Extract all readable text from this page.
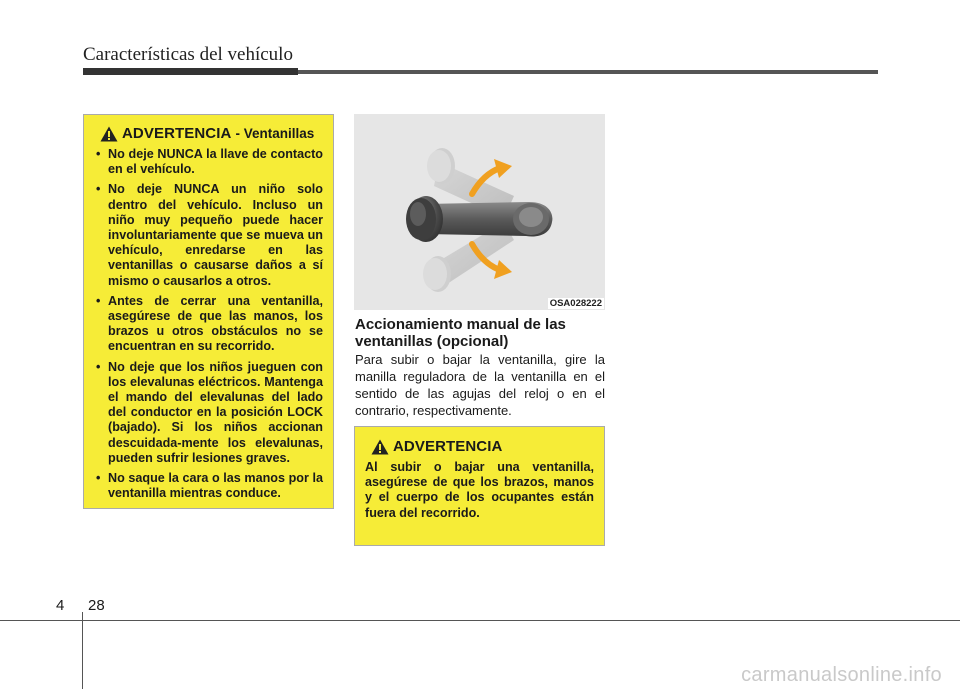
Características del vehículo
ADVERTENCIA - Ventanillas
• No deje NUNCA la llave de contacto en el vehículo.
• No deje NUNCA un niño solo dentro del vehículo. Incluso un niño muy pequeño puede hacer involuntariamente que se mueva un vehículo, enredarse en las ventanillas o causarse daños a sí mismo o causarlos a otros.
• Antes de cerrar una ventanilla, asegúrese de que las manos, los brazos u otros obstáculos no se encuentran en su recorrido.
• No deje que los niños jueguen con los elevalunas eléctricos. Mantenga el mando del elevalunas del lado del conductor en la posición LOCK (bajado). Si los niños accionan descuidada-mente los elevalunas, pueden sufrir lesiones graves.
• No saque la cara o las manos por la ventanilla mientras conduce.
OSA028222
Accionamiento manual de las ventanillas (opcional)
Para subir o bajar la ventanilla, gire la manilla reguladora de la ventanilla en el sentido de las agujas del reloj o en el contrario, respectivamente.
ADVERTENCIA
Al subir o bajar una ventanilla, asegúrese de que los brazos, manos y el cuerpo de los ocupantes están fuera del recorrido.
4 28
carmanualsonline.info
